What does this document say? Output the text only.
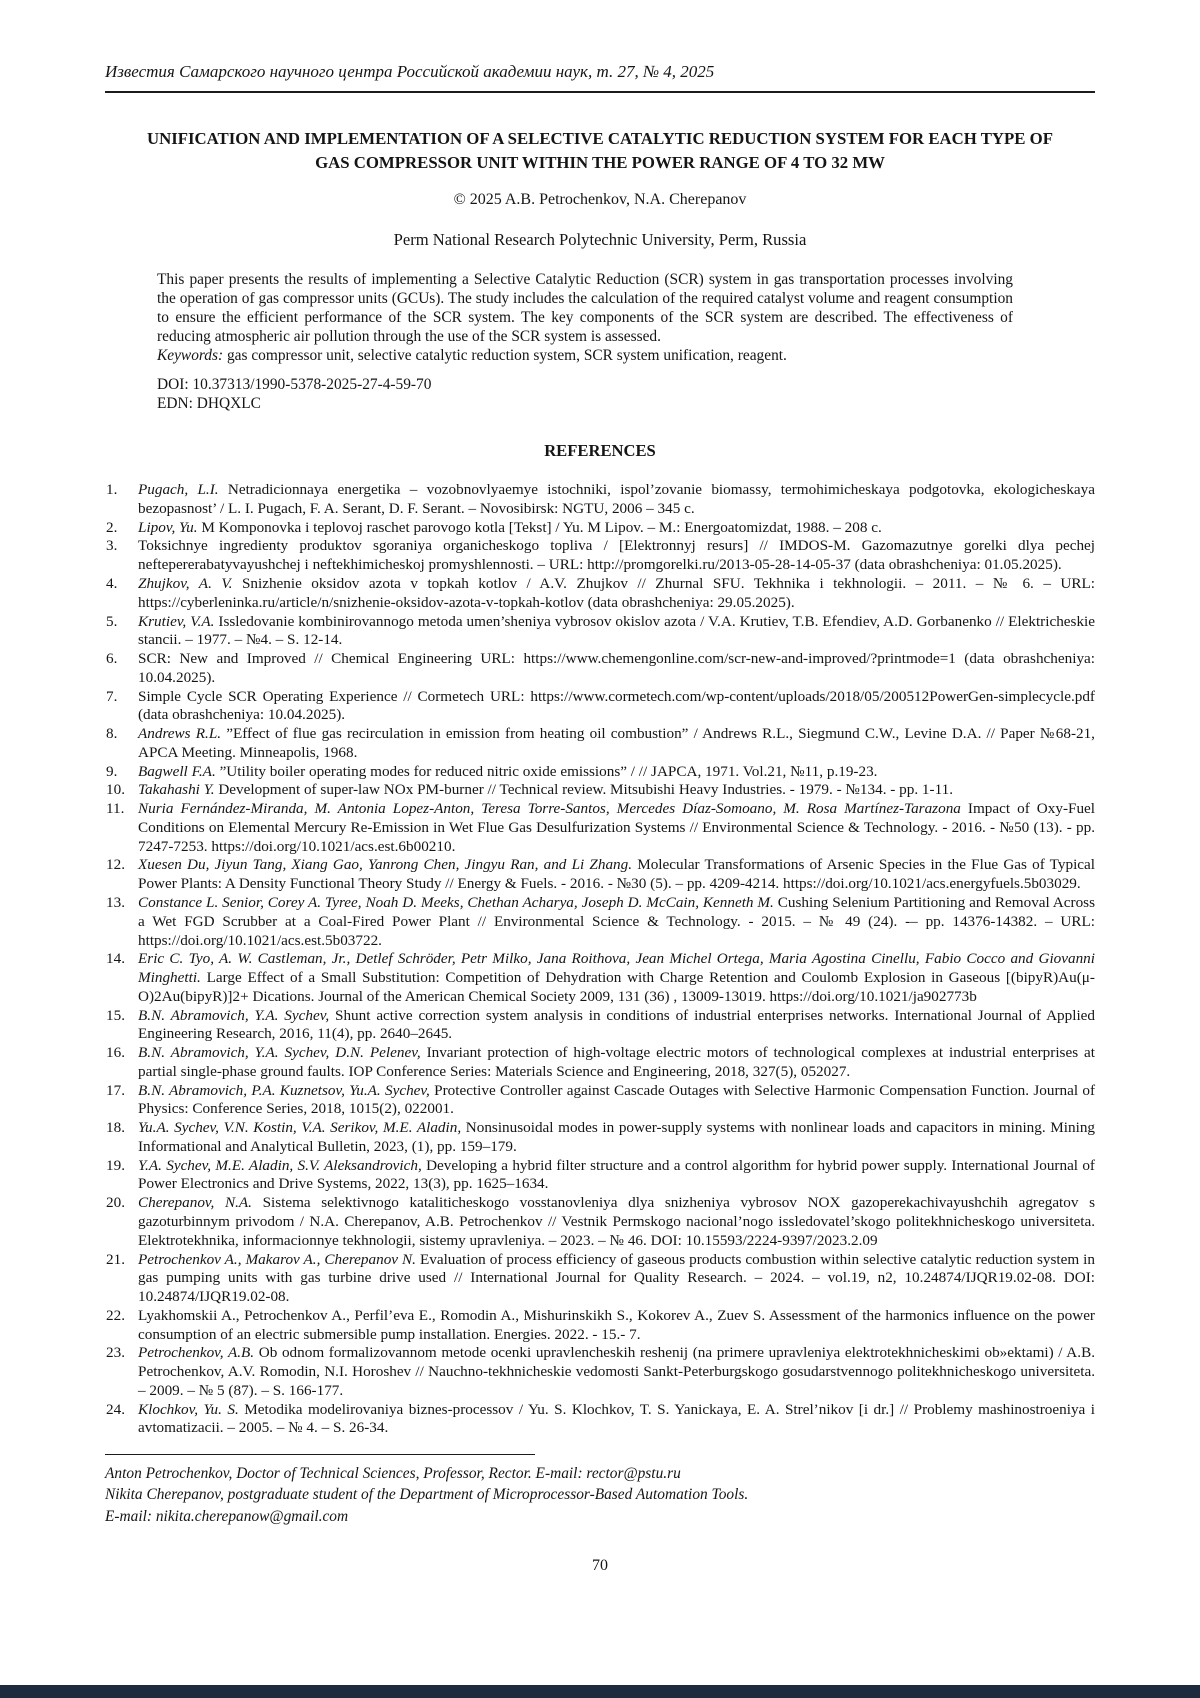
Известия Самарского научного центра Российской академии наук, т. 27, № 4, 2025
UNIFICATION AND IMPLEMENTATION OF A SELECTIVE CATALYTIC REDUCTION SYSTEM FOR EACH TYPE OF GAS COMPRESSOR UNIT WITHIN THE POWER RANGE OF 4 TO 32 MW
© 2025 A.B. Petrochenkov, N.A. Cherepanov
Perm National Research Polytechnic University, Perm, Russia
This paper presents the results of implementing a Selective Catalytic Reduction (SCR) system in gas transportation processes involving the operation of gas compressor units (GCUs). The study includes the calculation of the required catalyst volume and reagent consumption to ensure the efficient performance of the SCR system. The key components of the SCR system are described. The effectiveness of reducing atmospheric air pollution through the use of the SCR system is assessed.
Keywords: gas compressor unit, selective catalytic reduction system, SCR system unification, reagent.
DOI: 10.37313/1990-5378-2025-27-4-59-70
EDN: DHQXLC
REFERENCES
1. Pugach, L.I. Netradicionnaya energetika – vozobnovlyaemye istochniki, ispol’zovanie biomassy, termohimicheskaya podgotovka, ekologicheskaya bezopasnost’ / L. I. Pugach, F. A. Serant, D. F. Serant. – Novosibirsk: NGTU, 2006 – 345 c.
2. Lipov, Yu. M Komponovka i teplovoj raschet parovogo kotla [Tekst] / Yu. M Lipov. – M.: Energoatomizdat, 1988. – 208 c.
3. Toksichnye ingredienty produktov sgoraniya organicheskogo topliva / [Elektronnyj resurs] // IMDOS-M. Gazomazutnye gorelki dlya pechej neftepererabatyvayushchej i neftekhimicheskoj promyshlennosti. – URL: http://promgorelki.ru/2013-05-28-14-05-37 (data obrashcheniya: 01.05.2025).
4. Zhujkov, A. V. Snizhenie oksidov azota v topkah kotlov / A.V. Zhujkov // Zhurnal SFU. Tekhnika i tekhnologii. – 2011. – № 6. – URL: https://cyberleninka.ru/article/n/snizhenie-oksidov-azota-v-topkah-kotlov (data obrashcheniya: 29.05.2025).
5. Krutiev, V.A. Issledovanie kombinirovannogo metoda umen’sheniya vybrosov okislov azota / V.A. Krutiev, T.B. Efendiev, A.D. Gorbanenko // Elektricheskie stancii. – 1977. – №4. – S. 12-14.
6. SCR: New and Improved // Chemical Engineering URL: https://www.chemengonline.com/scr-new-and-improved/?printmode=1 (data obrashcheniya: 10.04.2025).
7. Simple Cycle SCR Operating Experience // Cormetech URL: https://www.cormetech.com/wp-content/uploads/2018/05/200512PowerGen-simplecycle.pdf (data obrashcheniya: 10.04.2025).
8. Andrews R.L. ”Effect of flue gas recirculation in emission from heating oil combustion” / Andrews R.L., Siegmund C.W., Levine D.A. // Paper №68-21, APCA Meeting. Minneapolis, 1968.
9. Bagwell F.A. ”Utility boiler operating modes for reduced nitric oxide emissions” / // JAPCA, 1971. Vol.21, №11, p.19-23.
10. Takahashi Y. Development of super-law NOx PM-burner // Technical review. Mitsubishi Heavy Industries. - 1979. - №134. - pp. 1-11.
11. Nuria Fernández-Miranda, M. Antonia Lopez-Anton, Teresa Torre-Santos, Mercedes Díaz-Somoano, M. Rosa Martínez-Tarazona Impact of Oxy-Fuel Conditions on Elemental Mercury Re-Emission in Wet Flue Gas Desulfurization Systems // Environmental Science & Technology. - 2016. - №50 (13). - pp. 7247-7253. https://doi.org/10.1021/acs.est.6b00210.
12. Xuesen Du, Jiyun Tang, Xiang Gao, Yanrong Chen, Jingyu Ran, and Li Zhang. Molecular Transformations of Arsenic Species in the Flue Gas of Typical Power Plants: A Density Functional Theory Study // Energy & Fuels. - 2016. - №30 (5). – pp. 4209-4214. https://doi.org/10.1021/acs.energyfuels.5b03029.
13. Constance L. Senior, Corey A. Tyree, Noah D. Meeks, Chethan Acharya, Joseph D. McCain, Kenneth M. Cushing Selenium Partitioning and Removal Across a Wet FGD Scrubber at a Coal-Fired Power Plant // Environmental Science & Technology. - 2015. – № 49 (24). -– pp. 14376-14382. – URL: https://doi.org/10.1021/acs.est.5b03722.
14. Eric C. Tyo, A. W. Castleman, Jr., Detlef Schröder, Petr Milko, Jana Roithova, Jean Michel Ortega, Maria Agostina Cinellu, Fabio Cocco and Giovanni Minghetti. Large Effect of a Small Substitution: Competition of Dehydration with Charge Retention and Coulomb Explosion in Gaseous [(bipyR)Au(μ-O)2Au(bipyR)]2+ Dications. Journal of the American Chemical Society 2009, 131 (36) , 13009-13019. https://doi.org/10.1021/ja902773b
15. B.N. Abramovich, Y.A. Sychev, Shunt active correction system analysis in conditions of industrial enterprises networks. International Journal of Applied Engineering Research, 2016, 11(4), pp. 2640–2645.
16. B.N. Abramovich, Y.A. Sychev, D.N. Pelenev, Invariant protection of high-voltage electric motors of technological complexes at industrial enterprises at partial single-phase ground faults. IOP Conference Series: Materials Science and Engineering, 2018, 327(5), 052027.
17. B.N. Abramovich, P.A. Kuznetsov, Yu.A. Sychev, Protective Controller against Cascade Outages with Selective Harmonic Compensation Function. Journal of Physics: Conference Series, 2018, 1015(2), 022001.
18. Yu.A. Sychev, V.N. Kostin, V.A. Serikov, M.E. Aladin, Nonsinusoidal modes in power-supply systems with nonlinear loads and capacitors in mining. Mining Informational and Analytical Bulletin, 2023, (1), pp. 159–179.
19. Y.A. Sychev, M.E. Aladin, S.V. Aleksandrovich, Developing a hybrid filter structure and a control algorithm for hybrid power supply. International Journal of Power Electronics and Drive Systems, 2022, 13(3), pp. 1625–1634.
20. Cherepanov, N.A. Sistema selektivnogo kataliticheskogo vosstanovleniya dlya snizheniya vybrosov NOX gazoperekachivayushchih agregatov s gazoturbinnym privodom / N.A. Cherepanov, A.B. Petrochenkov // Vestnik Permskogo nacional’nogo issledovatel’skogo politekhnicheskogo universiteta. Elektrotekhnika, informacionnye tekhnologii, sistemy upravleniya. – 2023. – № 46. DOI: 10.15593/2224-9397/2023.2.09
21. Petrochenkov A., Makarov A., Cherepanov N. Evaluation of process efficiency of gaseous products combustion within selective catalytic reduction system in gas pumping units with gas turbine drive used // International Journal for Quality Research. – 2024. – vol.19, n2, 10.24874/IJQR19.02-08. DOI: 10.24874/IJQR19.02-08.
22. Lyakhomskii A., Petrochenkov A., Perfil’eva E., Romodin A., Mishurinskikh S., Kokorev A., Zuev S. Assessment of the harmonics influence on the power consumption of an electric submersible pump installation. Energies. 2022. - 15.- 7.
23. Petrochenkov, A.B. Ob odnom formalizovannom metode ocenki upravlencheskih reshenij (na primere upravleniya elektrotekhnicheskimi ob»ektami) / A.B. Petrochenkov, A.V. Romodin, N.I. Horoshev // Nauchno-tekhnicheskie vedomosti Sankt-Peterburgskogo gosudarstvennogo politekhnicheskogo universiteta. – 2009. – № 5 (87). – S. 166-177.
24. Klochkov, Yu. S. Metodika modelirovaniya biznes-processov / Yu. S. Klochkov, T. S. Yanickaya, E. A. Strel’nikov [i dr.] // Problemy mashinostroeniya i avtomatizacii. – 2005. – № 4. – S. 26-34.

Anton Petrochenkov, Doctor of Technical Sciences, Professor, Rector. E-mail: rector@pstu.ru

Nikita Cherepanov, postgraduate student of the Department of Microprocessor-Based Automation Tools.

E-mail: nikita.cherepanow@gmail.com

70
